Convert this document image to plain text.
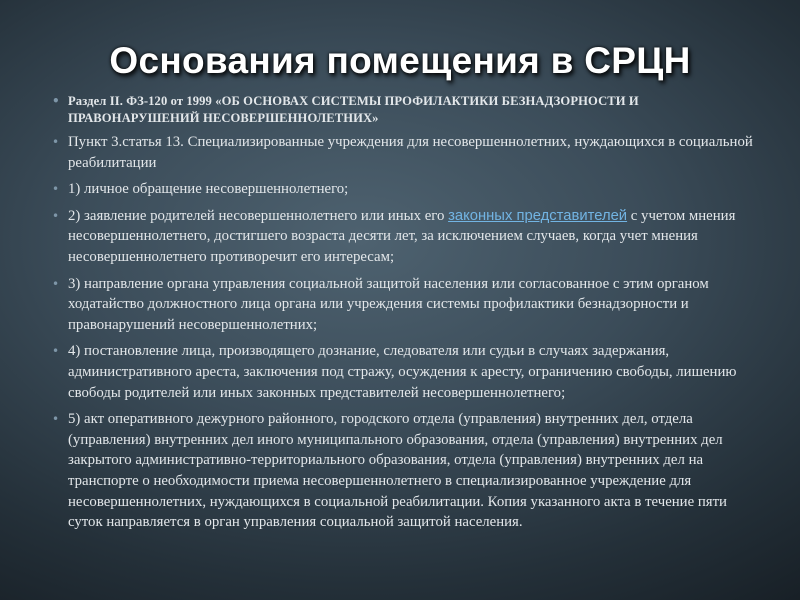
Основания помещения в СРЦН
• Раздел II. ФЗ-120 от 1999 «ОБ ОСНОВАХ СИСТЕМЫ ПРОФИЛАКТИКИ БЕЗНАДЗОРНОСТИ И ПРАВОНАРУШЕНИЙ НЕСОВЕРШЕННОЛЕТНИХ»
• Пункт 3.статья 13. Специализированные учреждения для несовершеннолетних, нуждающихся в социальной реабилитации
• 1) личное обращение несовершеннолетнего;
• 2) заявление родителей несовершеннолетнего или иных его законных представителей с учетом мнения несовершеннолетнего, достигшего возраста десяти лет, за исключением случаев, когда учет мнения несовершеннолетнего противоречит его интересам;
• 3) направление органа управления социальной защитой населения или согласованное с этим органом ходатайство должностного лица органа или учреждения системы профилактики безнадзорности и правонарушений несовершеннолетних;
• 4) постановление лица, производящего дознание, следователя или судьи в случаях задержания, административного ареста, заключения под стражу, осуждения к аресту, ограничению свободы, лишению свободы родителей или иных законных представителей несовершеннолетнего;
• 5) акт оперативного дежурного районного, городского отдела (управления) внутренних дел, отдела (управления) внутренних дел иного муниципального образования, отдела (управления) внутренних дел закрытого административно-территориального образования, отдела (управления) внутренних дел на транспорте о необходимости приема несовершеннолетнего в специализированное учреждение для несовершеннолетних, нуждающихся в социальной реабилитации. Копия указанного акта в течение пяти суток направляется в орган управления социальной защитой населения.
